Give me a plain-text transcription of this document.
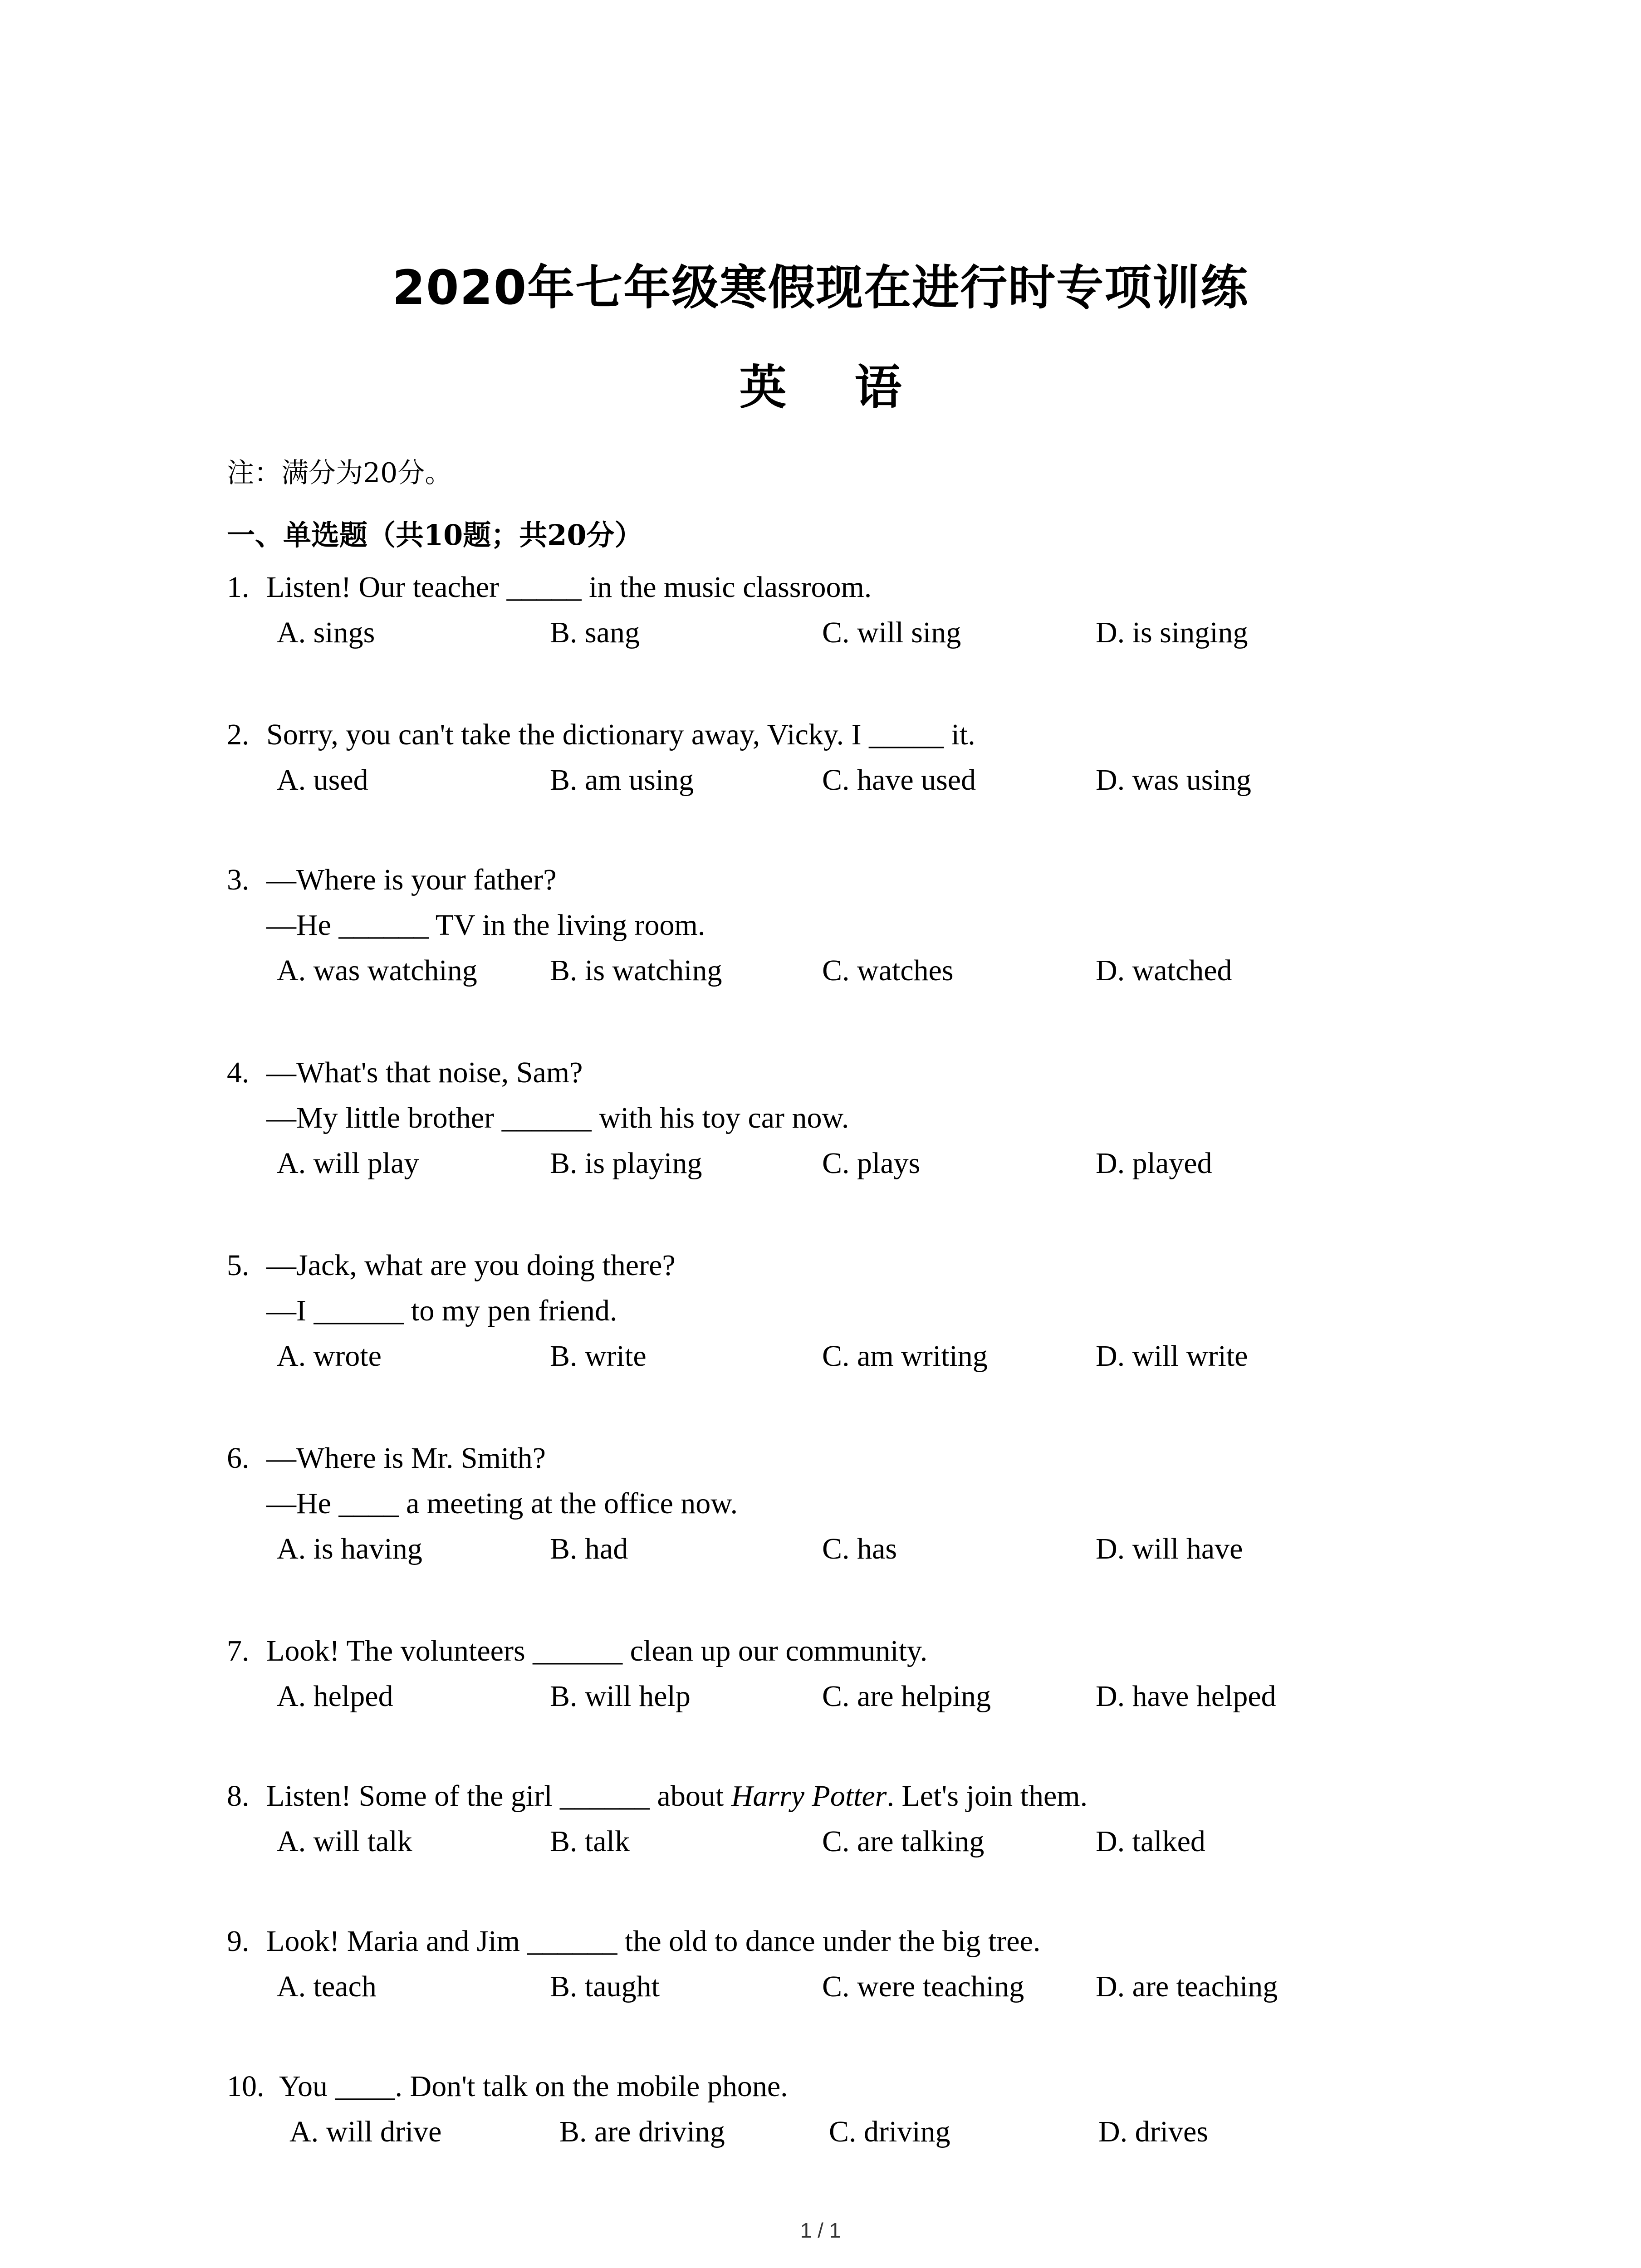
2020年七年级寒假现在进行时专项训练
英 语
注：满分为20分。
一、单选题（共10题；共20分）
1. Listen! Our teacher _____ in the music classroom.
A. sings	B. sang	C. will sing	D. is singing
2. Sorry, you can't take the dictionary away, Vicky. I _____ it.
A. used	B. am using	C. have used	D. was using
3. —Where is your father?
—He ______ TV in the living room.
A. was watching B. is watching	C. watches	D. watched
4. —What's that noise, Sam?
—My little brother ______ with his toy car now.
A. will play	B. is playing	C. plays	D. played
5. —Jack, what are you doing there?
—I ______ to my pen friend.
A. wrote	B. write	C. am writing	D. will write
6. —Where is Mr. Smith?
—He ____ a meeting at the office now.
A. is having	B. had	C. has	D. will have
7. Look! The volunteers ______ clean up our community.
A. helped	B. will help	C. are helping	D. have helped
8. Listen! Some of the girl ______ about Harry Potter. Let's join them.
A. will talk	B. talk	C. are talking	D. talked
9. Look! Maria and Jim ______ the old to dance under the big tree.
A. teach	B. taught	C. were teaching D. are teaching
10. You ____. Don't talk on the mobile phone.
A. will drive	B. are driving	C. driving	D. drives
1 / 1
